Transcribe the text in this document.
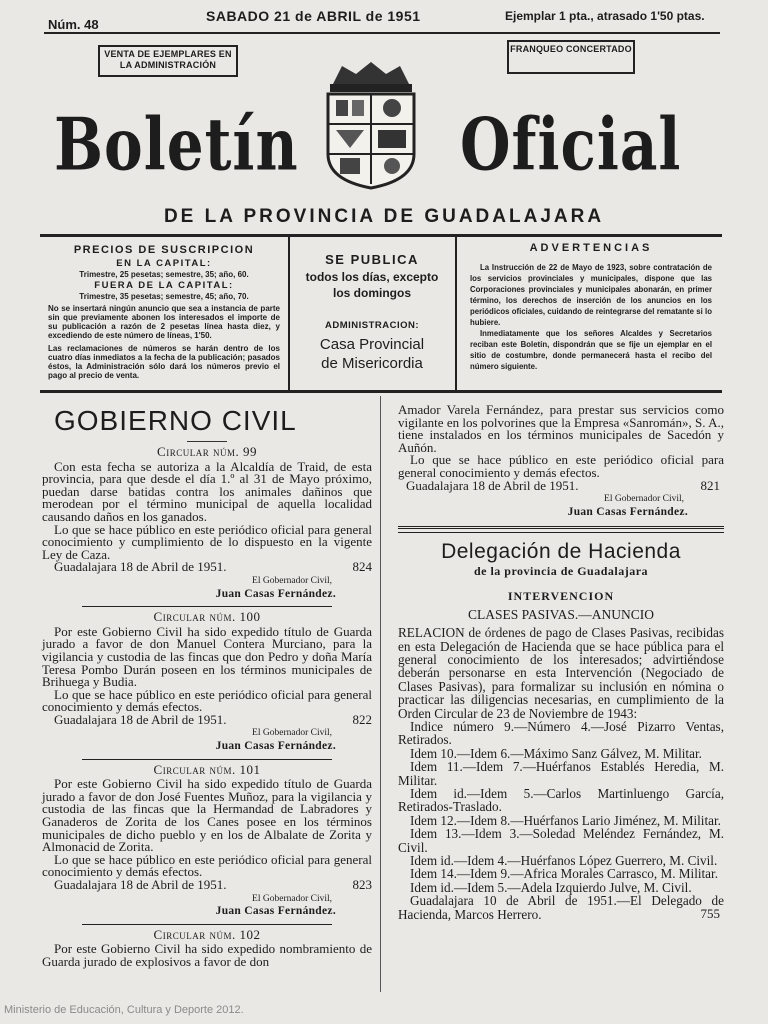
Núm. 48
SABADO 21 de ABRIL de 1951	Ejemplar 1 pta., atrasado 1'50 ptas.
VENTA DE EJEMPLARES EN LA ADMINISTRACIÓN
FRANQUEO CONCERTADO
Boletín	Oficial
DE LA PROVINCIA DE GUADALAJARA
PRECIOS DE SUSCRIPCION
EN LA CAPITAL:
Trimestre, 25 pesetas; semestre, 35; año, 60.
FUERA DE LA CAPITAL:
Trimestre, 35 pesetas; semestre, 45; año, 70.
No se insertará ningún anuncio que sea a instancia de parte sin que previamente abonen los interesados el importe de su publicación a razón de 2 pesetas línea hasta diez, y excediendo de este número de líneas, 1'50.
Las reclamaciones de números se harán dentro de los cuatro días inmediatos a la fecha de la publicación; pasados éstos, la Administración sólo dará los números previo el pago al precio de venta.
SE PUBLICA
todos los días, excepto
los domingos
ADMINISTRACION:
Casa Provincial
de Misericordia
ADVERTENCIAS

La Instrucción de 22 de Mayo de 1923, sobre contratación de los servicios provinciales y municipales, dispone que las Corporaciones provinciales y municipales abonarán, en primer término, los derechos de inserción de los anuncios en los periódicos oficiales, cuidando de reintegrarse del rematante si lo hubiere.

Inmediatamente que los señores Alcaldes y Secretarios reciban este Boletín, dispondrán que se fije un ejemplar en el sitio de costumbre, donde permanecerá hasta el recibo del número siguiente.

GOBIERNO CIVIL
Circular núm. 99

Con esta fecha se autoriza a la Alcaldía de Traid, de esta provincia, para que desde el día 1.º al 31 de Mayo próximo, puedan darse batidas contra los animales dañinos que merodean por el término municipal de aquella localidad causando daños en los ganados.

Lo que se hace público en este periódico oficial para general conocimiento y cumplimiento de lo dispuesto en la vigente Ley de Caza.

Guadalajara 18 de Abril de 1951.	824
El Gobernador Civil,
Juan Casas Fernández.
Circular núm. 100

Por este Gobierno Civil ha sido expedido título de Guarda jurado a favor de don Manuel Contera Murciano, para la vigilancia y custodia de las fincas que don Pedro y doña María Teresa Pombo Durán poseen en los términos municipales de Brihuega y Budia.

Lo que se hace público en este periódico oficial para general conocimiento y demás efectos.

Guadalajara 18 de Abril de 1951.	822
El Gobernador Civil,
Juan Casas Fernández.
Circular núm. 101

Por este Gobierno Civil ha sido expedido título de Guarda jurado a favor de don José Fuentes Muñoz, para la vigilancia y custodia de las fincas que la Hermandad de Labradores y Ganaderos de Zorita de los Canes posee en los términos municipales de dicho pueblo y en los de Albalate de Zorita y Almonacid de Zorita.

Lo que se hace público en este periódico oficial para general conocimiento y demás efectos.

Guadalajara 18 de Abril de 1951.	823
El Gobernador Civil,
Juan Casas Fernández.
Circular núm. 102

Por este Gobierno Civil ha sido expedido nombramiento de Guarda jurado de explosivos a favor de don

Amador Varela Fernández, para prestar sus servicios como vigilante en los polvorines que la Empresa «Sanromán», S. A., tiene instalados en los términos municipales de Sacedón y Auñón.

Lo que se hace público en este periódico oficial para general conocimiento y demás efectos.

Guadalajara 18 de Abril de 1951.	821
El Gobernador Civil,
Juan Casas Fernández.
Delegación de Hacienda
de la provincia de Guadalajara
INTERVENCION
CLASES PASIVAS.—ANUNCIO

RELACION de órdenes de pago de Clases Pasivas, recibidas en esta Delegación de Hacienda que se hace pública para el general conocimiento de los interesados; advirtiéndose deberán personarse en esta Intervención (Negociado de Clases Pasivas), para formalizar su inclusión en nómina o practicar las diligencias necesarias, en cumplimiento de la Orden Circular de 23 de Noviembre de 1943:

Indice número 9.—Número 4.—José Pizarro Ventas, Retirados.

Idem 10.—Idem 6.—Máximo Sanz Gálvez, M. Militar.

Idem 11.—Idem 7.—Huérfanos Establés Heredia, M. Militar.

Idem id.—Idem 5.—Carlos Martinluengo García, Retirados-Traslado.

Idem 12.—Idem 8.—Huérfanos Lario Jiménez, M. Militar.

Idem 13.—Idem 3.—Soledad Meléndez Fernández, M. Civil.

Idem id.—Idem 4.—Huérfanos López Guerrero, M. Civil.

Idem 14.—Idem 9.—Africa Morales Carrasco, M. Militar.

Idem id.—Idem 5.—Adela Izquierdo Julve, M. Civil.

Guadalajara 10 de Abril de 1951.—El Delegado de Hacienda, Marcos Herrero.	755
Ministerio de Educación, Cultura y Deporte 2012.
